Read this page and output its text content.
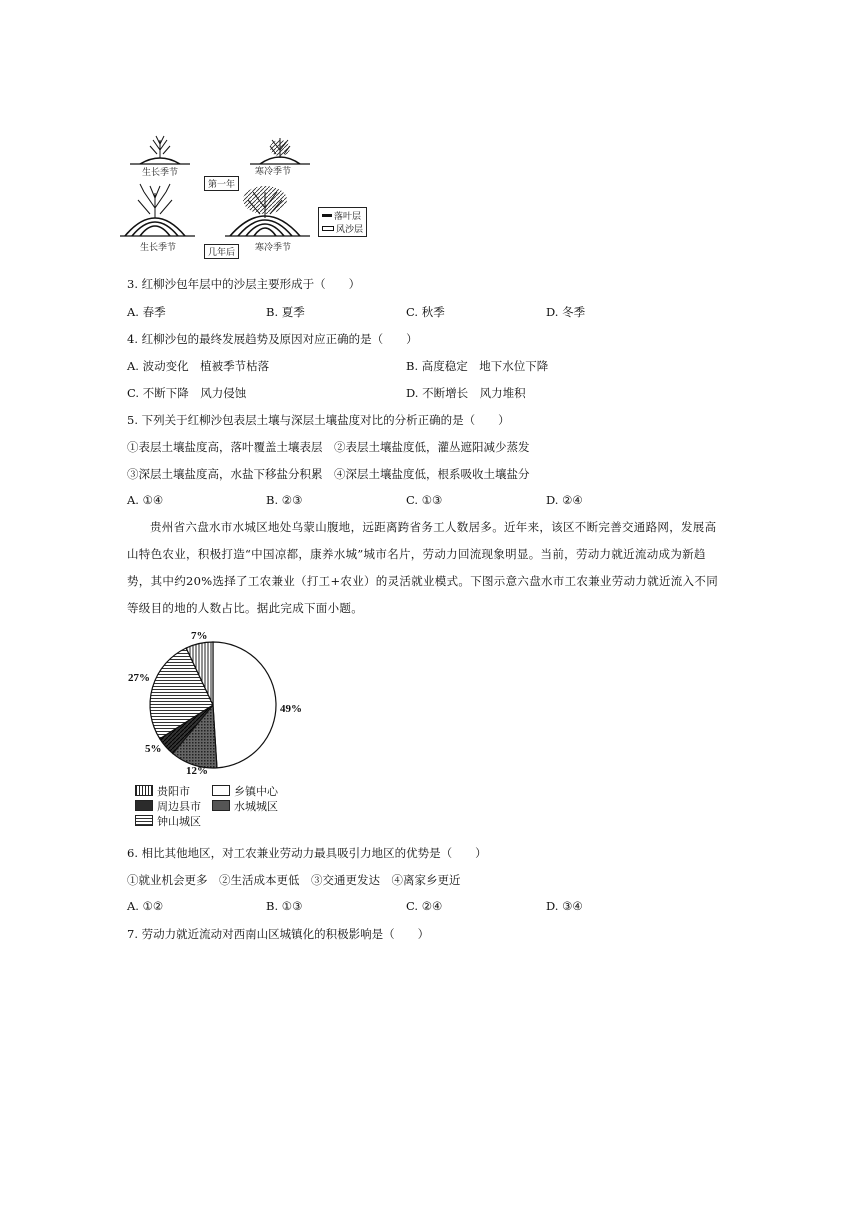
生长季节	寒冷季节
第一年
生长季节	寒冷季节
几年后
落叶层
风沙层
3. 红柳沙包年层中的沙层主要形成于（　　）
A. 春季	B. 夏季	C. 秋季	D. 冬季
4. 红柳沙包的最终发展趋势及原因对应正确的是（　　）
A. 波动变化　植被季节枯落	B. 高度稳定　地下水位下降
C. 不断下降　风力侵蚀	D. 不断增长　风力堆积
5. 下列关于红柳沙包表层土壤与深层土壤盐度对比的分析正确的是（　　）
①表层土壤盐度高，落叶覆盖土壤表层　②表层土壤盐度低，灌丛遮阳减少蒸发
③深层土壤盐度高，水盐下移盐分积累　④深层土壤盐度低，根系吸收土壤盐分
A. ①④	B. ②③	C. ①③	D. ②④
贵州省六盘水市水城区地处乌蒙山腹地，远距离跨省务工人数居多。近年来，该区不断完善交通路网，发展高山特色农业，积极打造“中国凉都，康养水城”城市名片，劳动力回流现象明显。当前，劳动力就近流动成为新趋势，其中约20%选择了工农兼业（打工+农业）的灵活就业模式。下图示意六盘水市工农兼业劳动力就近流入不同等级目的地的人数占比。据此完成下面小题。
7%
27%
49%
5%
12%
贵阳市	乡镇中心
周边县市	水城城区
钟山城区
6. 相比其他地区，对工农兼业劳动力最具吸引力地区的优势是（　　）
①就业机会更多　②生活成本更低　③交通更发达　④离家乡更近
A. ①②	B. ①③	C. ②④	D. ③④
7. 劳动力就近流动对西南山区城镇化的积极影响是（　　）
